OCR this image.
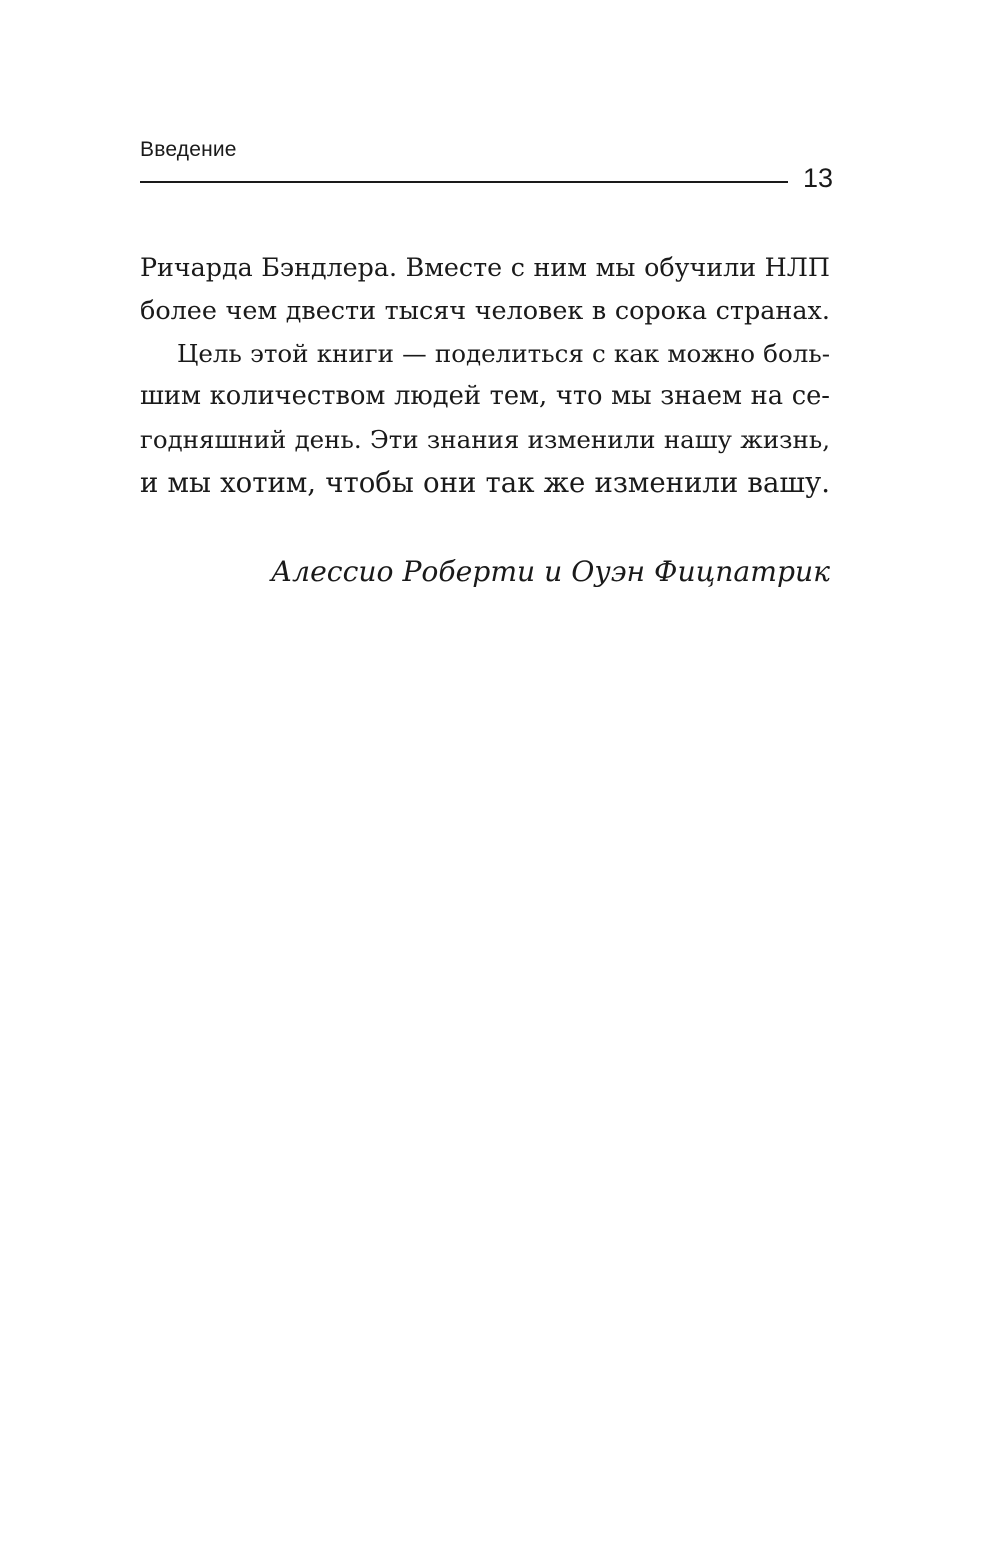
Введение
13
Ричарда Бэндлера. Вместе с ним мы обучили НЛП
более чем двести тысяч человек в сорока странах.
Цель этой книги — поделиться с как можно боль-
шим количеством людей тем, что мы знаем на се-
годняшний день. Эти знания изменили нашу жизнь,
и мы хотим, чтобы они так же изменили вашу.
Алессио Роберти и Оуэн Фицпатрик
